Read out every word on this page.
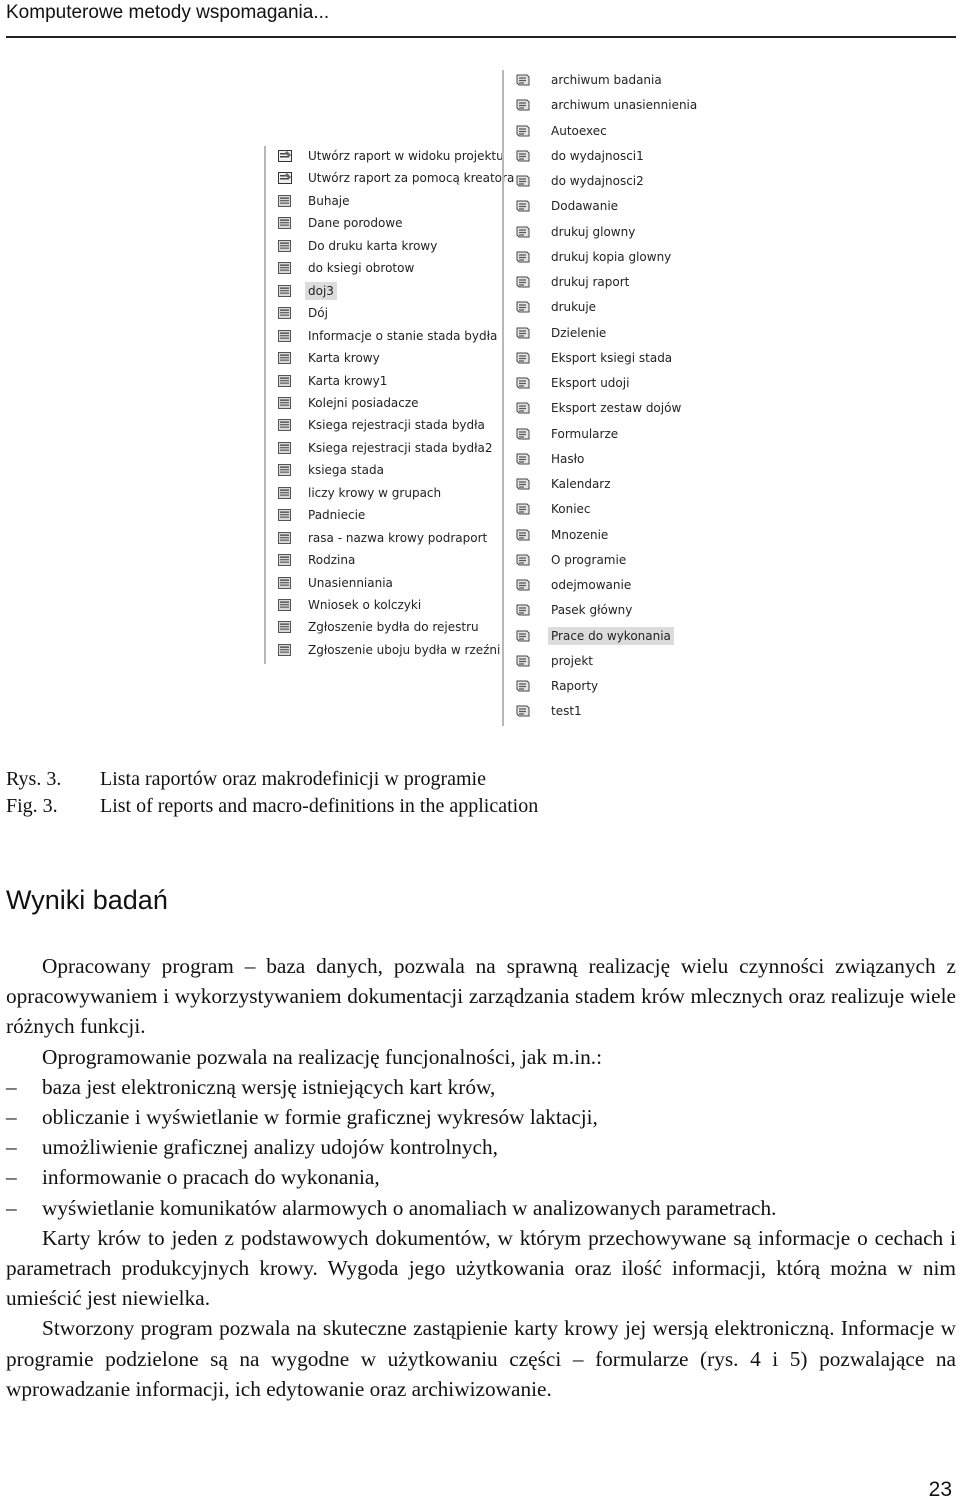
Komputerowe metody wspomagania...
Utwórz raport w widoku projektu
Utwórz raport za pomocą kreatora
Buhaje
Dane porodowe
Do druku karta krowy
do ksiegi obrotow
doj3
Dój
Informacje o stanie stada bydła
Karta krowy
Karta krowy1
Kolejni posiadacze
Ksiega rejestracji stada bydła
Ksiega rejestracji stada bydła2
ksiega stada
liczy krowy w grupach
Padniecie
rasa - nazwa krowy podraport
Rodzina
Unasienniania
Wniosek o kolczyki
Zgłoszenie bydła do rejestru
Zgłoszenie uboju bydła w rzeźni
archiwum badania
archiwum unasiennienia
Autoexec
do wydajnosci1
do wydajnosci2
Dodawanie
drukuj glowny
drukuj kopia glowny
drukuj raport
drukuje
Dzielenie
Eksport ksiegi stada
Eksport udoji
Eksport zestaw dojów
Formularze
Hasło
Kalendarz
Koniec
Mnozenie
O programie
odejmowanie
Pasek główny
Prace do wykonania
projekt
Raporty
test1
Rys. 3. Lista raportów oraz makrodefinicji w programie
Fig. 3. List of reports and macro-definitions in the application
Wyniki badań

Opracowany program – baza danych, pozwala na sprawną realizację wielu czynności związanych z opracowywaniem i wykorzystywaniem dokumentacji zarządzania stadem krów mlecznych oraz realizuje wiele różnych funkcji.

Oprogramowanie pozwala na realizację funcjonalności, jak m.in.:

– baza jest elektroniczną wersję istniejących kart krów,

– obliczanie i wyświetlanie w formie graficznej wykresów laktacji,

– umożliwienie graficznej analizy udojów kontrolnych,

– informowanie o pracach do wykonania,

– wyświetlanie komunikatów alarmowych o anomaliach w analizowanych parametrach.

Karty krów to jeden z podstawowych dokumentów, w którym przechowywane są informacje o cechach i parametrach produkcyjnych krowy. Wygoda jego użytkowania oraz ilość informacji, którą można w nim umieścić jest niewielka.

Stworzony program pozwala na skuteczne zastąpienie karty krowy jej wersją elektroniczną. Informacje w programie podzielone są na wygodne w użytkowaniu części – formularze (rys. 4 i 5) pozwalające na wprowadzanie informacji, ich edytowanie oraz archiwizowanie.

23
